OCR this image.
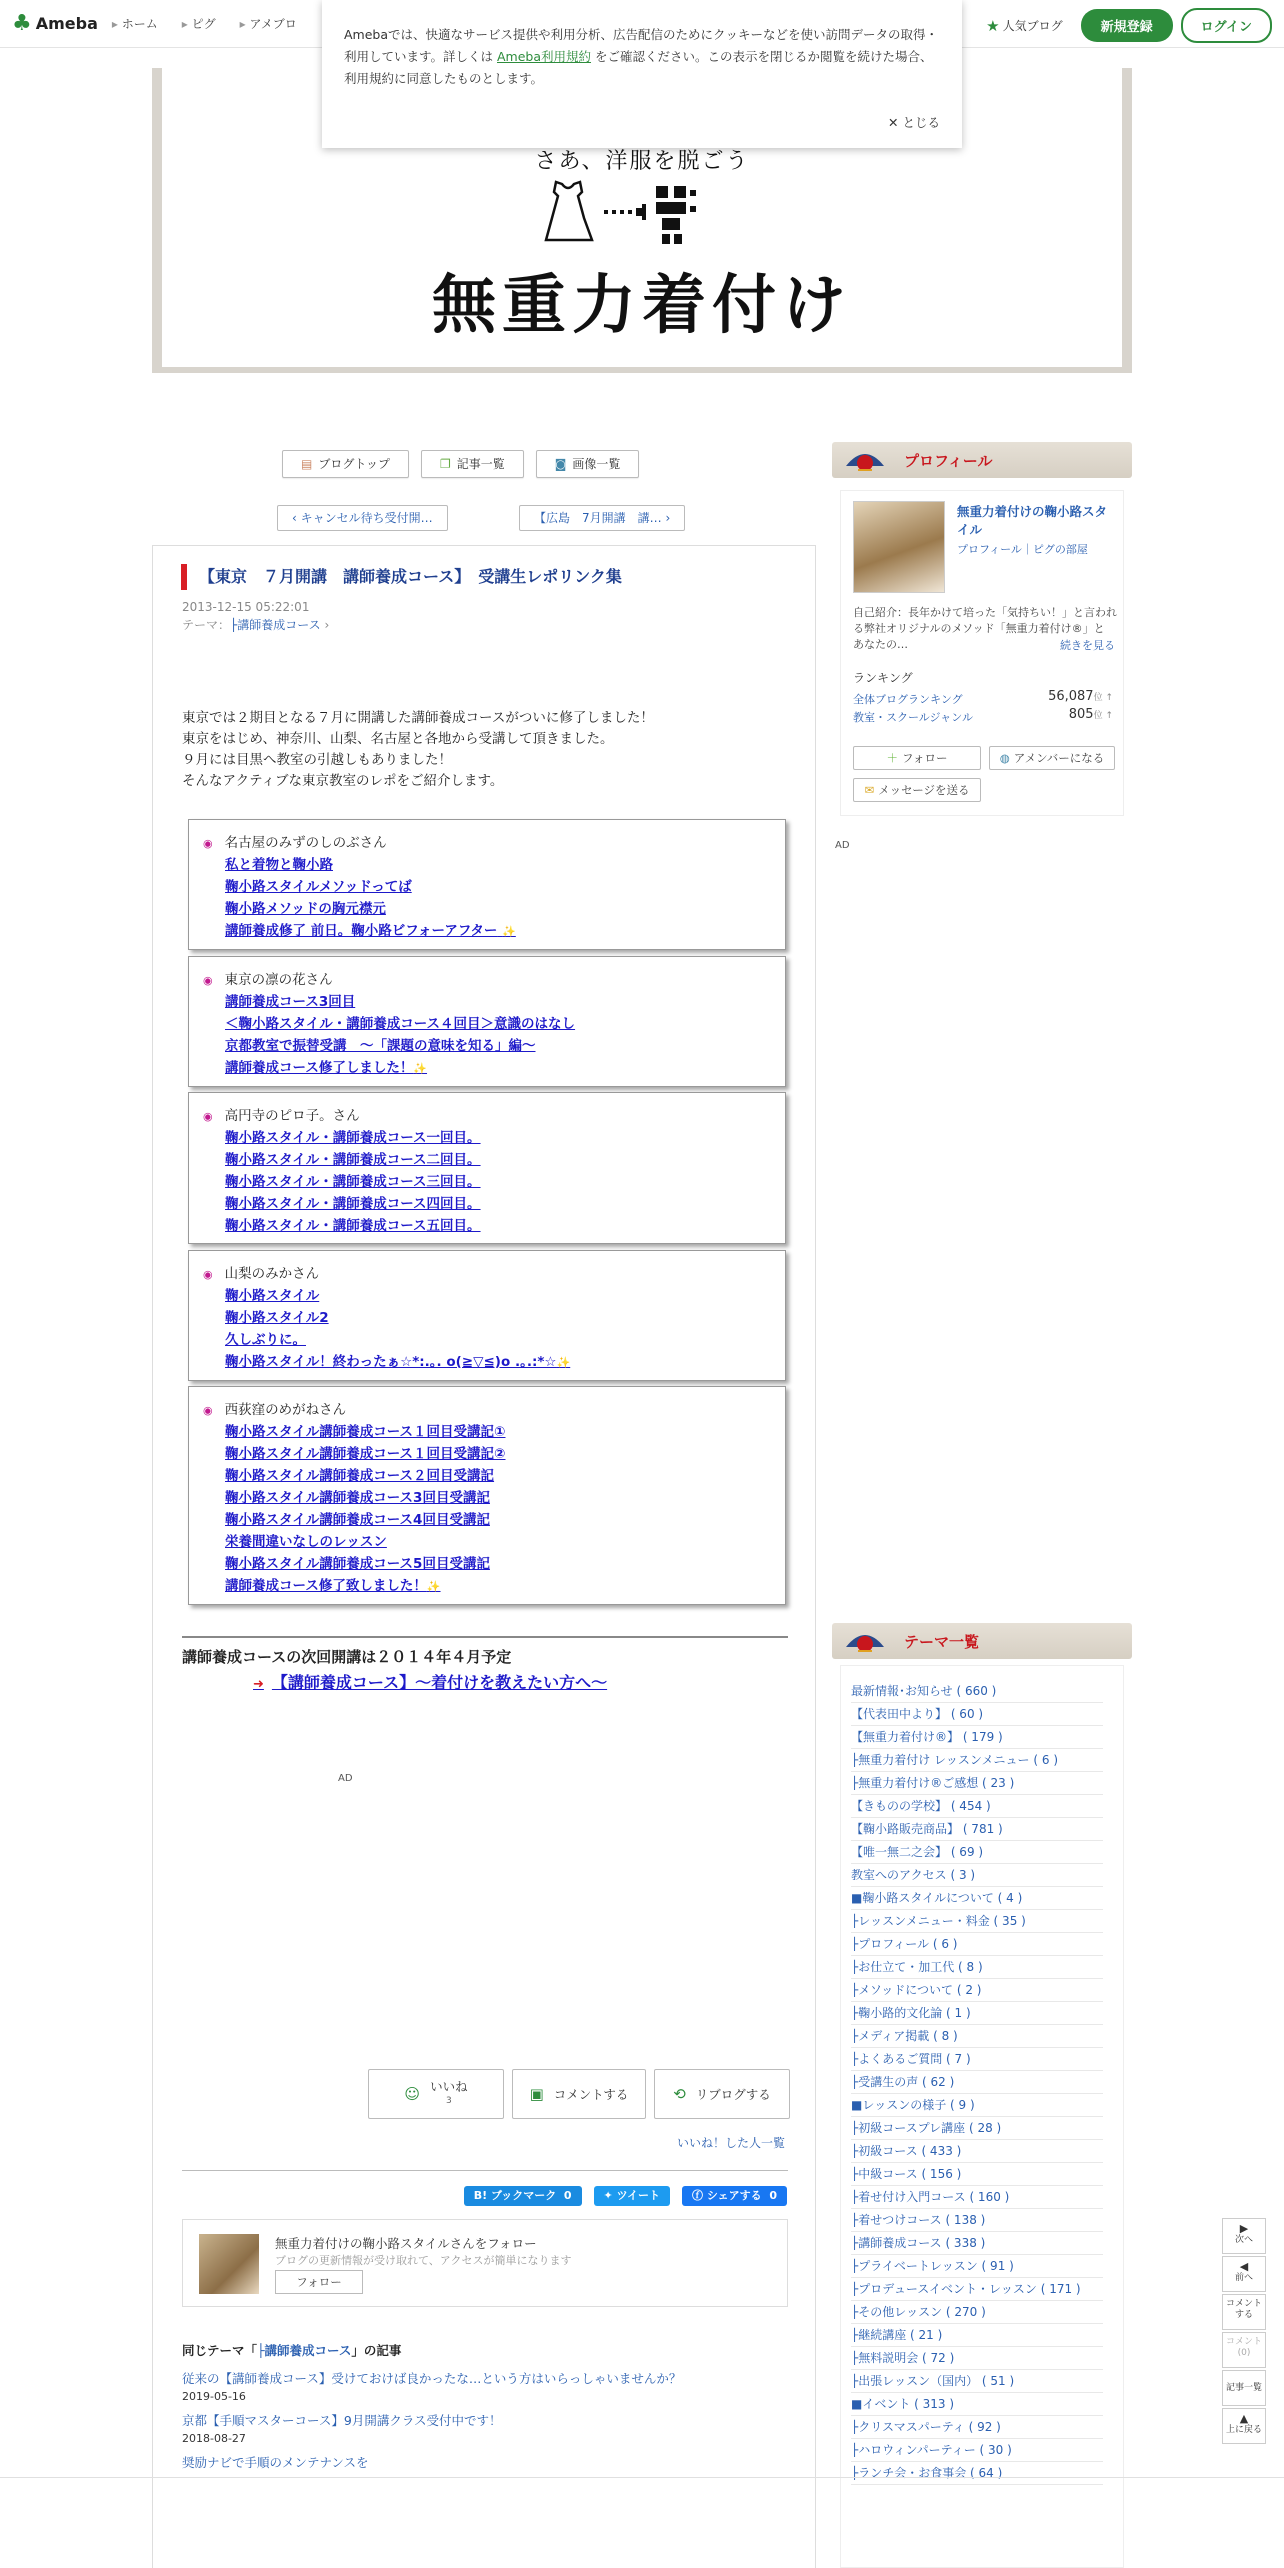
♣ Ameba	▸ ホーム	▸ ピグ	▸ アメブロ	★ 人気ブログ	新規登録	ログイン
Amebaでは、快適なサービス提供や利用分析、広告配信のためにクッキーなどを使い訪問データの取得・利用しています。詳しくは Ameba利用規約 をご確認ください。この表示を閉じるか閲覧を続けた場合、利用規約に同意したものとします。
✕ とじる
さあ、洋服を脱ごう
無重力着付け
▤ ブログトップ	❐ 記事一覧	◙ 画像一覧
‹ キャンセル待ち受付開…	【広島　7月開講　講… ›
【東京　７月開講　講師養成コース】　受講生レポリンク集
2013-12-15 05:22:01
テーマ：├講師養成コース ›
東京では２期目となる７月に開講した講師養成コースがついに修了しました！
東京をはじめ、神奈川、山梨、名古屋と各地から受講して頂きました。
９月には目黒へ教室の引越しもありました！
そんなアクティブな東京教室のレポをご紹介します。
◉ 名古屋のみずのしのぶさん
私と着物と鞠小路
鞠小路スタイルメソッドってば
鞠小路メソッドの胸元襟元
講師養成修了 前日。鞠小路ビフォーアフター ✨
◉ 東京の凛の花さん
講師養成コース3回目
＜鞠小路スタイル・講師養成コース４回目＞意識のはなし
京都教室で振替受講　～「課題の意味を知る」編～
講師養成コース修了しました！✨
◉ 高円寺のピロ子。さん
鞠小路スタイル・講師養成コース一回目。
鞠小路スタイル・講師養成コース二回目。
鞠小路スタイル・講師養成コース三回目。
鞠小路スタイル・講師養成コース四回目。
鞠小路スタイル・講師養成コース五回目。
◉ 山梨のみかさん
鞠小路スタイル
鞠小路スタイル2
久しぶりに。
鞠小路スタイル！終わったぁ☆*:.｡. o(≧▽≦)o .｡.:*☆✨
◉ 西荻窪のめがねさん
鞠小路スタイル講師養成コース１回目受講記①
鞠小路スタイル講師養成コース１回目受講記②
鞠小路スタイル講師養成コース２回目受講記
鞠小路スタイル講師養成コース3回目受講記
鞠小路スタイル講師養成コース4回目受講記
栄養間違いなしのレッスン
鞠小路スタイル講師養成コース5回目受講記
講師養成コース修了致しました！✨
講師養成コースの次回開講は２０１４年４月予定
➜ 【講師養成コース】～着付けを教えたい方へ～
AD
☺ いいね
3	▣ コメントする	⟲ リブログする
いいね！した人一覧
B! ブックマーク 0	✦ ツイート	ⓕ シェアする 0
無重力着付けの鞠小路スタイルさんをフォロー
ブログの更新情報が受け取れて、アクセスが簡単になります
フォロー
同じテーマ「├講師養成コース」の記事
従来の【講師養成コース】受けておけば良かったな…という方はいらっしゃいませんか？
2019-05-16
京都【手順マスターコース】9月開講クラス受付中です！
2018-08-27
奨励ナビで手順のメンテナンスを
プロフィール
無重力着付けの鞠小路スタイル
プロフィール｜ピグの部屋
自己紹介：長年かけて培った「気持ちい！」と言われる弊社オリジナルのメソッド「無重力着付け®」と あなたの…	続きを見る
ランキング
全体ブログランキング	56,087位 ↑
教室・スクールジャンル	805位 ↑
＋ フォロー	◍ アメンバーになる
✉ メッセージを送る
AD
テーマ一覧
最新情報･お知らせ ( 660 )
【代表田中より】 ( 60 )
【無重力着付け®】 ( 179 )
├無重力着付け レッスンメニュー ( 6 )
├無重力着付け®ご感想 ( 23 )
【きものの学校】 ( 454 )
【鞠小路販売商品】 ( 781 )
【唯一無二之会】 ( 69 )
教室へのアクセス ( 3 )
■鞠小路スタイルについて ( 4 )
├レッスンメニュー・料金 ( 35 )
├プロフィール ( 6 )
├お仕立て・加工代 ( 8 )
├メソッドについて ( 2 )
├鞠小路的文化論 ( 1 )
├メディア掲載 ( 8 )
├よくあるご質問 ( 7 )
├受講生の声 ( 62 )
■レッスンの様子 ( 9 )
├初級コースプレ講座 ( 28 )
├初級コース ( 433 )
├中級コース ( 156 )
├着せ付け入門コース ( 160 )
├着せつけコース ( 138 )
├講師養成コース ( 338 )
├プライベートレッスン ( 91 )
├プロデュースイベント・レッスン ( 171 )
├その他レッスン ( 270 )
├継続講座 ( 21 )
├無料説明会 ( 72 )
├出張レッスン（国内） ( 51 )
■イベント ( 313 )
├クリスマスパーティ ( 92 )
├ハロウィンパーティー ( 30 )
├ランチ会・お食事会 ( 64 )
▶
次へ
◀
前へ
コメントする
コメント(0)
記事一覧
▲
上に戻る
